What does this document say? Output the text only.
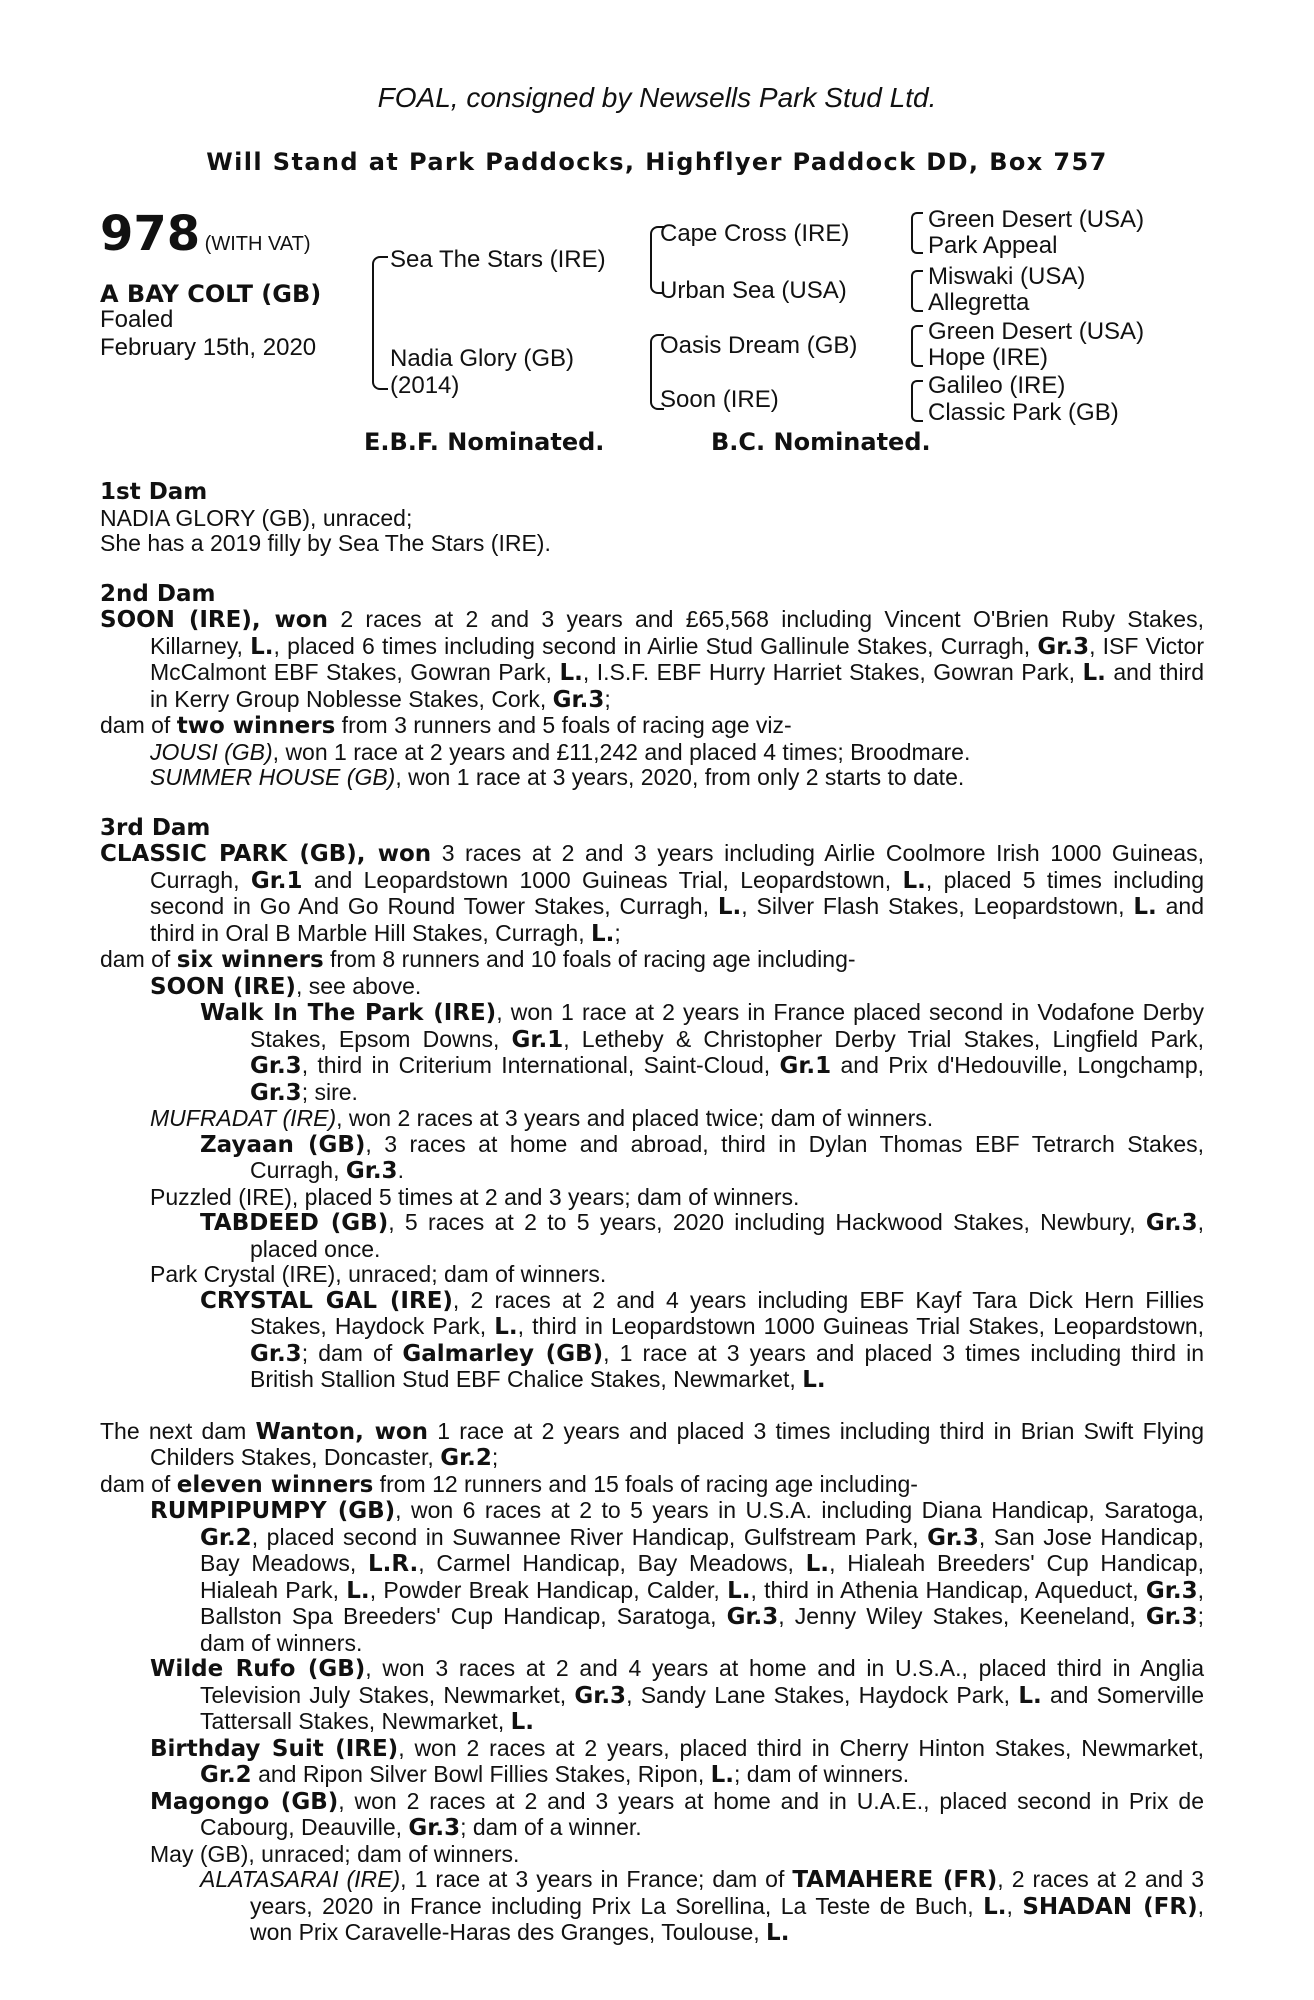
FOAL, consigned by Newsells Park Stud Ltd.
Will Stand at Park Paddocks, Highflyer Paddock DD, Box 757
978 (WITH VAT)
A BAY COLT (GB)
Foaled
February 15th, 2020
Sea The Stars (IRE)
Nadia Glory (GB)
(2014)
Cape Cross (IRE)
Urban Sea (USA)
Oasis Dream (GB)
Soon (IRE)
Green Desert (USA)
Park Appeal
Miswaki (USA)
Allegretta
Green Desert (USA)
Hope (IRE)
Galileo (IRE)
Classic Park (GB)
E.B.F. Nominated.	B.C. Nominated.

1st Dam

NADIA GLORY (GB), unraced;

She has a 2019 filly by Sea The Stars (IRE).

2nd Dam

SOON (IRE), won 2 races at 2 and 3 years and £65,568 including Vincent O'Brien Ruby Stakes, Killarney, L., placed 6 times including second in Airlie Stud Gallinule Stakes, Curragh, Gr.3, ISF Victor McCalmont EBF Stakes, Gowran Park, L., I.S.F. EBF Hurry Harriet Stakes, Gowran Park, L. and third in Kerry Group Noblesse Stakes, Cork, Gr.3;

dam of two winners from 3 runners and 5 foals of racing age viz-

JOUSI (GB), won 1 race at 2 years and £11,242 and placed 4 times; Broodmare.

SUMMER HOUSE (GB), won 1 race at 3 years, 2020, from only 2 starts to date.

3rd Dam

CLASSIC PARK (GB), won 3 races at 2 and 3 years including Airlie Coolmore Irish 1000 Guineas, Curragh, Gr.1 and Leopardstown 1000 Guineas Trial, Leopardstown, L., placed 5 times including second in Go And Go Round Tower Stakes, Curragh, L., Silver Flash Stakes, Leopardstown, L. and third in Oral B Marble Hill Stakes, Curragh, L.;

dam of six winners from 8 runners and 10 foals of racing age including-

SOON (IRE), see above.

Walk In The Park (IRE), won 1 race at 2 years in France placed second in Vodafone Derby Stakes, Epsom Downs, Gr.1, Letheby & Christopher Derby Trial Stakes, Lingfield Park, Gr.3, third in Criterium International, Saint-Cloud, Gr.1 and Prix d'Hedouville, Longchamp, Gr.3; sire.

MUFRADAT (IRE), won 2 races at 3 years and placed twice; dam of winners.

Zayaan (GB), 3 races at home and abroad, third in Dylan Thomas EBF Tetrarch Stakes, Curragh, Gr.3.

Puzzled (IRE), placed 5 times at 2 and 3 years; dam of winners.

TABDEED (GB), 5 races at 2 to 5 years, 2020 including Hackwood Stakes, Newbury, Gr.3, placed once.

Park Crystal (IRE), unraced; dam of winners.

CRYSTAL GAL (IRE), 2 races at 2 and 4 years including EBF Kayf Tara Dick Hern Fillies Stakes, Haydock Park, L., third in Leopardstown 1000 Guineas Trial Stakes, Leopardstown, Gr.3; dam of Galmarley (GB), 1 race at 3 years and placed 3 times including third in British Stallion Stud EBF Chalice Stakes, Newmarket, L.

The next dam Wanton, won 1 race at 2 years and placed 3 times including third in Brian Swift Flying Childers Stakes, Doncaster, Gr.2;

dam of eleven winners from 12 runners and 15 foals of racing age including-

RUMPIPUMPY (GB), won 6 races at 2 to 5 years in U.S.A. including Diana Handicap, Saratoga, Gr.2, placed second in Suwannee River Handicap, Gulfstream Park, Gr.3, San Jose Handicap, Bay Meadows, L.R., Carmel Handicap, Bay Meadows, L., Hialeah Breeders' Cup Handicap, Hialeah Park, L., Powder Break Handicap, Calder, L., third in Athenia Handicap, Aqueduct, Gr.3, Ballston Spa Breeders' Cup Handicap, Saratoga, Gr.3, Jenny Wiley Stakes, Keeneland, Gr.3; dam of winners.

Wilde Rufo (GB), won 3 races at 2 and 4 years at home and in U.S.A., placed third in Anglia Television July Stakes, Newmarket, Gr.3, Sandy Lane Stakes, Haydock Park, L. and Somerville Tattersall Stakes, Newmarket, L.

Birthday Suit (IRE), won 2 races at 2 years, placed third in Cherry Hinton Stakes, Newmarket, Gr.2 and Ripon Silver Bowl Fillies Stakes, Ripon, L.; dam of winners.

Magongo (GB), won 2 races at 2 and 3 years at home and in U.A.E., placed second in Prix de Cabourg, Deauville, Gr.3; dam of a winner.

May (GB), unraced; dam of winners.

ALATASARAI (IRE), 1 race at 3 years in France; dam of TAMAHERE (FR), 2 races at 2 and 3 years, 2020 in France including Prix La Sorellina, La Teste de Buch, L., SHADAN (FR), won Prix Caravelle-Haras des Granges, Toulouse, L.
